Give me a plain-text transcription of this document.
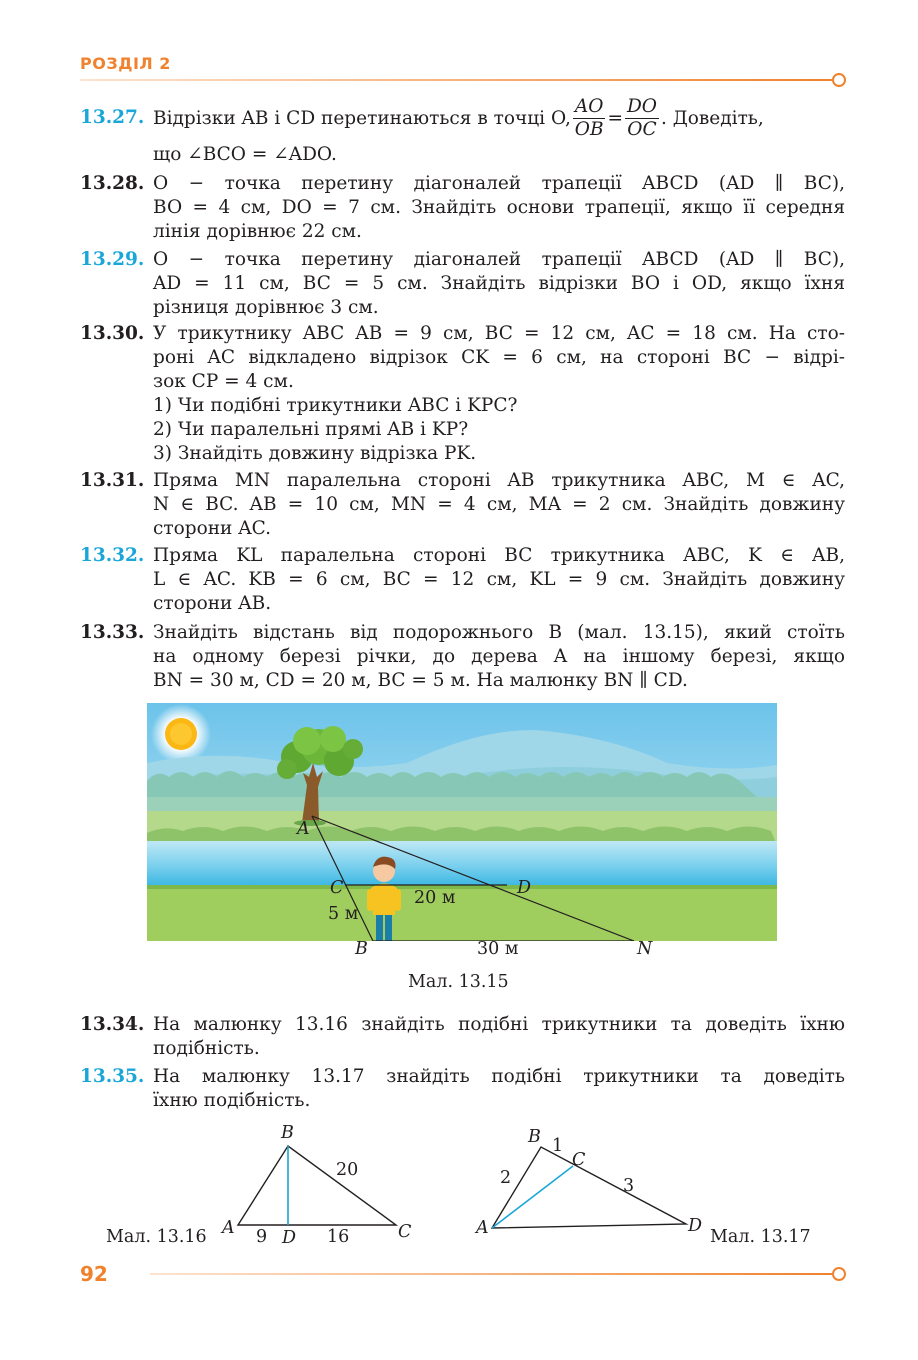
РОЗДІЛ 2
13.27. Відрізки AB і CD перетинаються в точці O, $\frac{AO}{OB} = \frac{DO}{OC}$ . Доведіть,
що ∠BCO = ∠ADO.
13.28. O − точка перетину діагоналей трапеції ABCD (AD ∥ BC),
BO = 4 см, DO = 7 см. Знайдіть основи трапеції, якщо її середня
лінія дорівнює 22 см.
13.29. O − точка перетину діагоналей трапеції ABCD (AD ∥ BC),
AD = 11 см, BC = 5 см. Знайдіть відрізки BO і OD, якщо їхня
різниця дорівнює 3 см.
13.30. У трикутнику ABC AB = 9 см, BC = 12 см, AC = 18 см. На сто-
роні AC відкладено відрізок CK = 6 см, на стороні BC − відрі-
зок CP = 4 см.
1) Чи подібні трикутники ABC і KPC?
2) Чи паралельні прямі AB і KP?
3) Знайдіть довжину відрізка PK.
13.31. Пряма MN паралельна стороні AB трикутника ABC, M ∈ AC,
N ∈ BC. AB = 10 см, MN = 4 см, MA = 2 см. Знайдіть довжину
сторони AC.
13.32. Пряма KL паралельна стороні BC трикутника ABC, K ∈ AB,
L ∈ AC. KB = 6 см, BC = 12 см, KL = 9 см. Знайдіть довжину
сторони AB.
13.33. Знайдіть відстань від подорожнього B (мал. 13.15), який стоїть
на одному березі річки, до дерева A на іншому березі, якщо
BN = 30 м, CD = 20 м, BC = 5 м. На малюнку BN ∥ CD.
A
C	D
20 м
5 м
B	30 м	N
Мал. 13.15
13.34. На малюнку 13.16 знайдіть подібні трикутники та доведіть їхню
подібність.
13.35. На малюнку 13.17 знайдіть подібні трикутники та доведіть
їхню подібність.
Мал. 13.16 A
B
C
D
9	16
20
B 1
C
2	3
A	D
Мал. 13.17
92
